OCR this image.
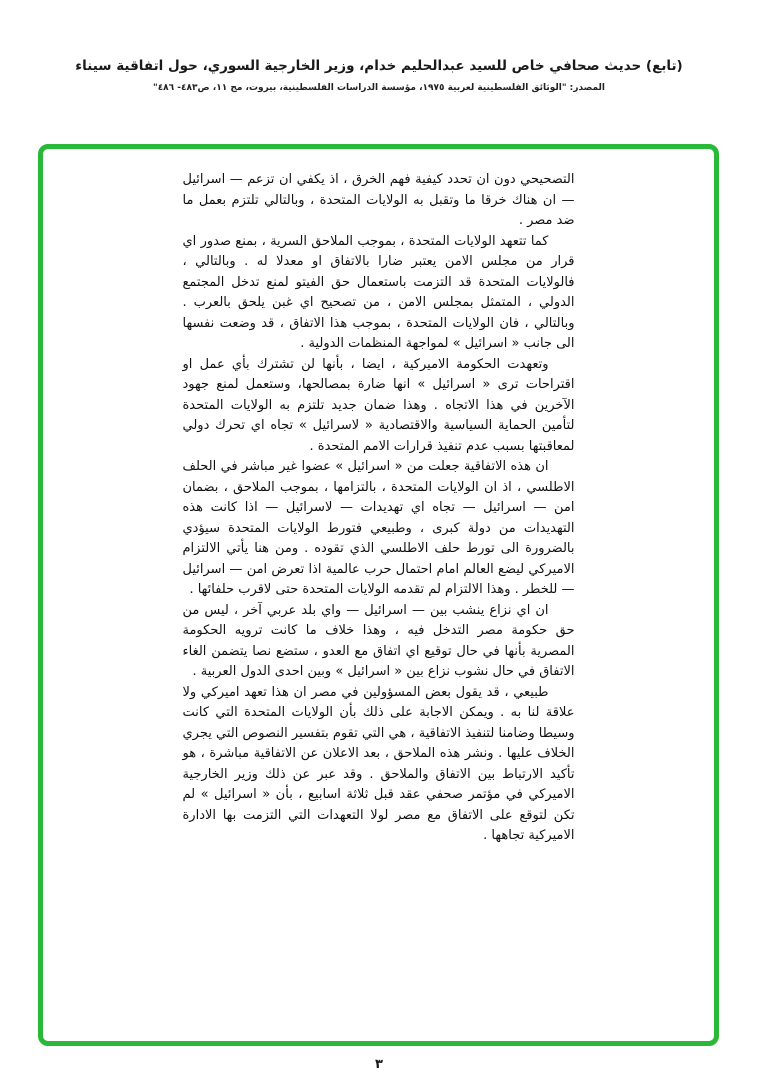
(تابع) حديث صحافي خاص للسيد عبدالحليم خدام، وزير الخارجية السوري، حول اتفاقية سيناء
المصدر: "الوثائق الفلسطينية لعربية ١٩٧٥، مؤسسة الدراسات الفلسطينية، بيروت، مج ١١، ص٤٨٣- ٤٨٦"

التصحيحي دون ان تحدد كيفية فهم الخرق ، اذ يكفي ان تزعم — اسرائيل — ان هناك خرقا ما وتقبل به الولايات المتحدة ، وبالتالي تلتزم بعمل ما ضد مصر .

كما تتعهد الولايات المتحدة ، بموجب الملاحق السرية ، بمنع صدور اي قرار من مجلس الامن يعتبر ضارا بالاتفاق او معدلا له . وبالتالي ، فالولايات المتحدة قد التزمت باستعمال حق الفيتو لمنع تدخل المجتمع الدولي ، المتمثل بمجلس الامن ، من تصحيح اي غبن يلحق بالعرب . وبالتالي ، فان الولايات المتحدة ، بموجب هذا الاتفاق ، قد وضعت نفسها الى جانب « اسرائيل » لمواجهة المنظمات الدولية .

وتعهدت الحكومة الاميركية ، ايضا ، بأنها لن تشترك بأي عمل او اقتراحات ترى « اسرائيل » انها ضارة بمصالحها، وستعمل لمنع جهود الآخرين في هذا الاتجاه . وهذا ضمان جديد تلتزم به الولايات المتحدة لتأمين الحماية السياسية والاقتصادية « لاسرائيل » تجاه اي تحرك دولي لمعاقبتها بسبب عدم تنفيذ قرارات الامم المتحدة .

ان هذه الاتفاقية جعلت من « اسرائيل » عضوا غير مباشر في الحلف الاطلسي ، اذ ان الولايات المتحدة ، بالتزامها ، بموجب الملاحق ، بضمان امن — اسرائيل — تجاه اي تهديدات — لاسرائيل — اذا كانت هذه التهديدات من دولة كبرى ، وطبيعي فتورط الولايات المتحدة سيؤدي بالضرورة الى تورط حلف الاطلسي الذي تقوده . ومن هنا يأتي الالتزام الاميركي ليضع العالم امام احتمال حرب عالمية اذا تعرض امن — اسرائيل — للخطر . وهذا الالتزام لم تقدمه الولايات المتحدة حتى لاقرب حلفائها .

ان اي نزاع ينشب بين — اسرائيل — واي بلد عربي آخر ، ليس من حق حكومة مصر التدخل فيه ، وهذا خلاف ما كانت ترويه الحكومة المصرية بأنها في حال توقيع اي اتفاق مع العدو ، ستضع نصا يتضمن الغاء الاتفاق في حال نشوب نزاع بين « اسرائيل » وبين احدى الدول العربية .

طبيعي ، قد يقول بعض المسؤولين في مصر ان هذا تعهد اميركي ولا علاقة لنا به . ويمكن الاجابة على ذلك بأن الولايات المتحدة التي كانت وسيطا وضامنا لتنفيذ الاتفاقية ، هي التي تقوم بتفسير النصوص التي يجري الخلاف عليها . ونشر هذه الملاحق ، بعد الاعلان عن الاتفاقية مباشرة ، هو تأكيد الارتباط بين الاتفاق والملاحق . وقد عبر عن ذلك وزير الخارجية الاميركي في مؤتمر صحفي عقد قبل ثلاثة اسابيع ، بأن « اسرائيل » لم تكن لتوقع على الاتفاق مع مصر لولا التعهدات التي التزمت بها الادارة الاميركية تجاهها .

٣
